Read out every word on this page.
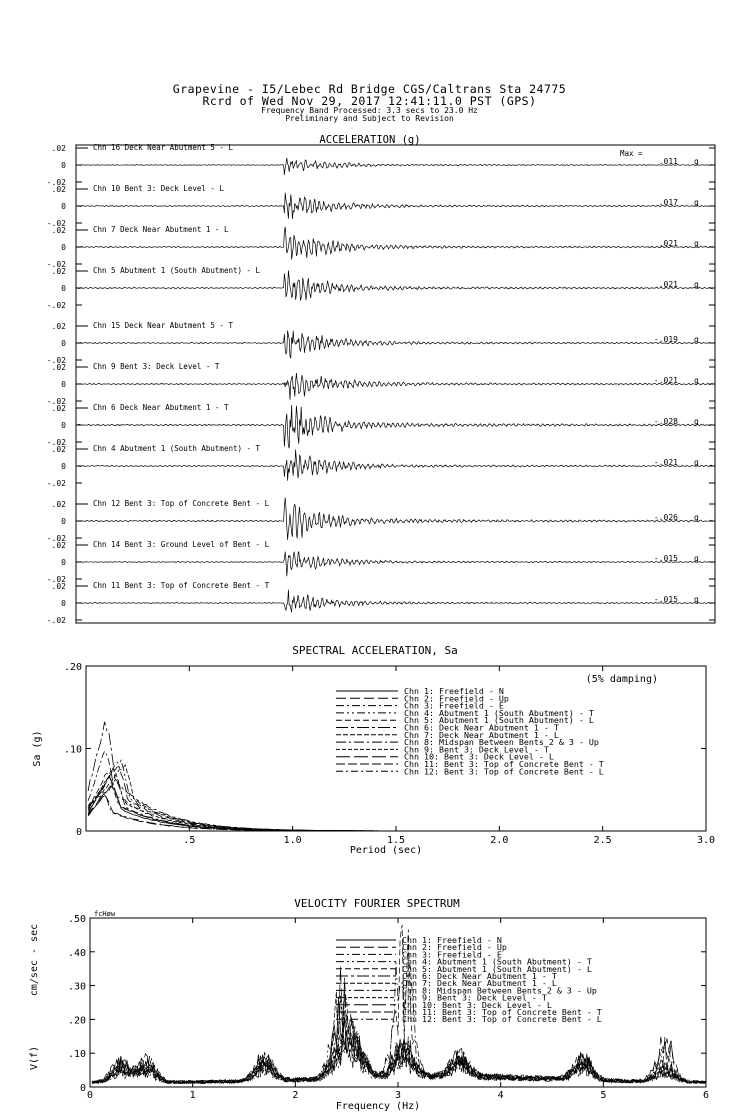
Grapevine - I5/Lebec Rd Bridge CGS/Caltrans Sta 24775
Rcrd of Wed Nov 29, 2017 12:41:11.0 PST (GPS)
Frequency Band Processed: 3.3 secs to 23.0 Hz
Preliminary and Subject to Revision
ACCELERATION (g)
.02
0
-.02
Chn 16 Deck Near Abutment 5 - L
Max =
.011 g
.02
0
-.02
Chn 10 Bent 3: Deck Level - L
.017 g
.02
0
-.02
Chn 7 Deck Near Abutment 1 - L
.021 g
.02
0
-.02
Chn 5 Abutment 1 (South Abutment) - L
.021 g
.02
0
-.02
Chn 15 Deck Near Abutment 5 - T
-.019 g
.02
0
-.02
Chn 9 Bent 3: Deck Level - T
-.021 g
.02
0
-.02
Chn 6 Deck Near Abutment 1 - T
-.028 g
.02
0
-.02
Chn 4 Abutment 1 (South Abutment) - T
-.021 g
.02
0
-.02
Chn 12 Bent 3: Top of Concrete Bent - L
-.026 g
.02
0
-.02
Chn 14 Bent 3: Ground Level of Bent - L
-.015 g
.02
0
-.02
Chn 11 Bent 3: Top of Concrete Bent - T
-.015 g
SPECTRAL ACCELERATION, Sa
.5	1.0	1.5	2.0	2.5	3.0
0
.10
.20
Period (sec)
Sa (g)
(5% damping)
Chn 1: Freefield - N
Chn 2: Freefield - Up
Chn 3: Freefield - E
Chn 4: Abutment 1 (South Abutment) - T
Chn 5: Abutment 1 (South Abutment) - L
Chn 6: Deck Near Abutment 1 - T
Chn 7: Deck Near Abutment 1 - L
Chn 8: Midspan Between Bents 2 & 3 - Up
Chn 9: Bent 3: Deck Level - T
Chn 10: Bent 3: Deck Level - L
Chn 11: Bent 3: Top of Concrete Bent - T
Chn 12: Bent 3: Top of Concrete Bent - L
VELOCITY FOURIER SPECTRUM
0	1	2	3	4	5	6
0
.10
.20
.30
.40
.50
Frequency (Hz)
V(f)
cm/sec - sec
fcHøw
Chn 1: Freefield - N
Chn 2: Freefield - Up
Chn 3: Freefield - E
Chn 4: Abutment 1 (South Abutment) - T
Chn 5: Abutment 1 (South Abutment) - L
Chn 6: Deck Near Abutment 1 - T
Chn 7: Deck Near Abutment 1 - L
Chn 8: Midspan Between Bents 2 & 3 - Up
Chn 9: Bent 3: Deck Level - T
Chn 10: Bent 3: Deck Level - L
Chn 11: Bent 3: Top of Concrete Bent - T
Chn 12: Bent 3: Top of Concrete Bent - L
